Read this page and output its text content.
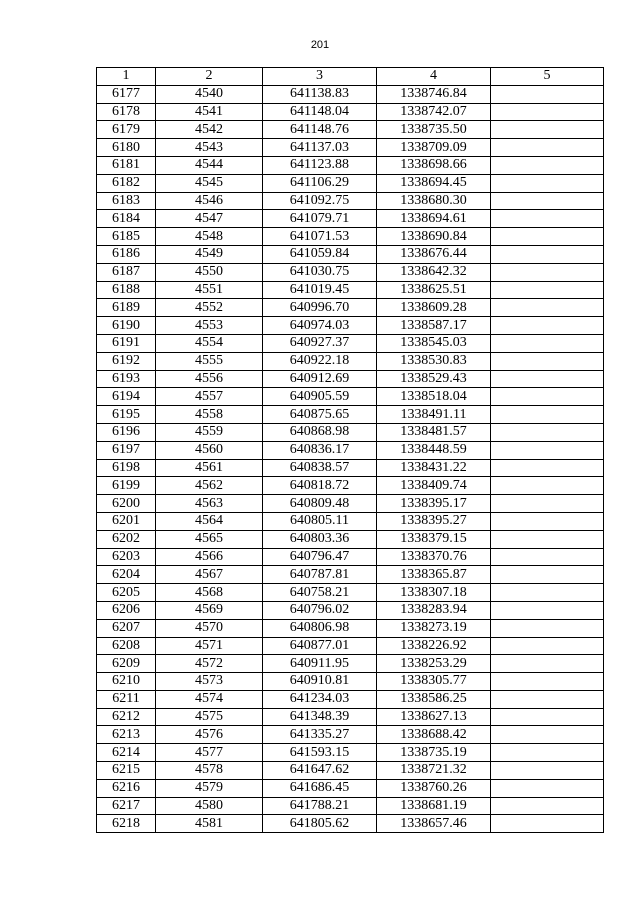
201
1	2	3	4	5
6177	4540	641138.83	1338746.84	
6178	4541	641148.04	1338742.07	
6179	4542	641148.76	1338735.50	
6180	4543	641137.03	1338709.09	
6181	4544	641123.88	1338698.66	
6182	4545	641106.29	1338694.45	
6183	4546	641092.75	1338680.30	
6184	4547	641079.71	1338694.61	
6185	4548	641071.53	1338690.84	
6186	4549	641059.84	1338676.44	
6187	4550	641030.75	1338642.32	
6188	4551	641019.45	1338625.51	
6189	4552	640996.70	1338609.28	
6190	4553	640974.03	1338587.17	
6191	4554	640927.37	1338545.03	
6192	4555	640922.18	1338530.83	
6193	4556	640912.69	1338529.43	
6194	4557	640905.59	1338518.04	
6195	4558	640875.65	1338491.11	
6196	4559	640868.98	1338481.57	
6197	4560	640836.17	1338448.59	
6198	4561	640838.57	1338431.22	
6199	4562	640818.72	1338409.74	
6200	4563	640809.48	1338395.17	
6201	4564	640805.11	1338395.27	
6202	4565	640803.36	1338379.15	
6203	4566	640796.47	1338370.76	
6204	4567	640787.81	1338365.87	
6205	4568	640758.21	1338307.18	
6206	4569	640796.02	1338283.94	
6207	4570	640806.98	1338273.19	
6208	4571	640877.01	1338226.92	
6209	4572	640911.95	1338253.29	
6210	4573	640910.81	1338305.77	
6211	4574	641234.03	1338586.25	
6212	4575	641348.39	1338627.13	
6213	4576	641335.27	1338688.42	
6214	4577	641593.15	1338735.19	
6215	4578	641647.62	1338721.32	
6216	4579	641686.45	1338760.26	
6217	4580	641788.21	1338681.19	
6218	4581	641805.62	1338657.46	
